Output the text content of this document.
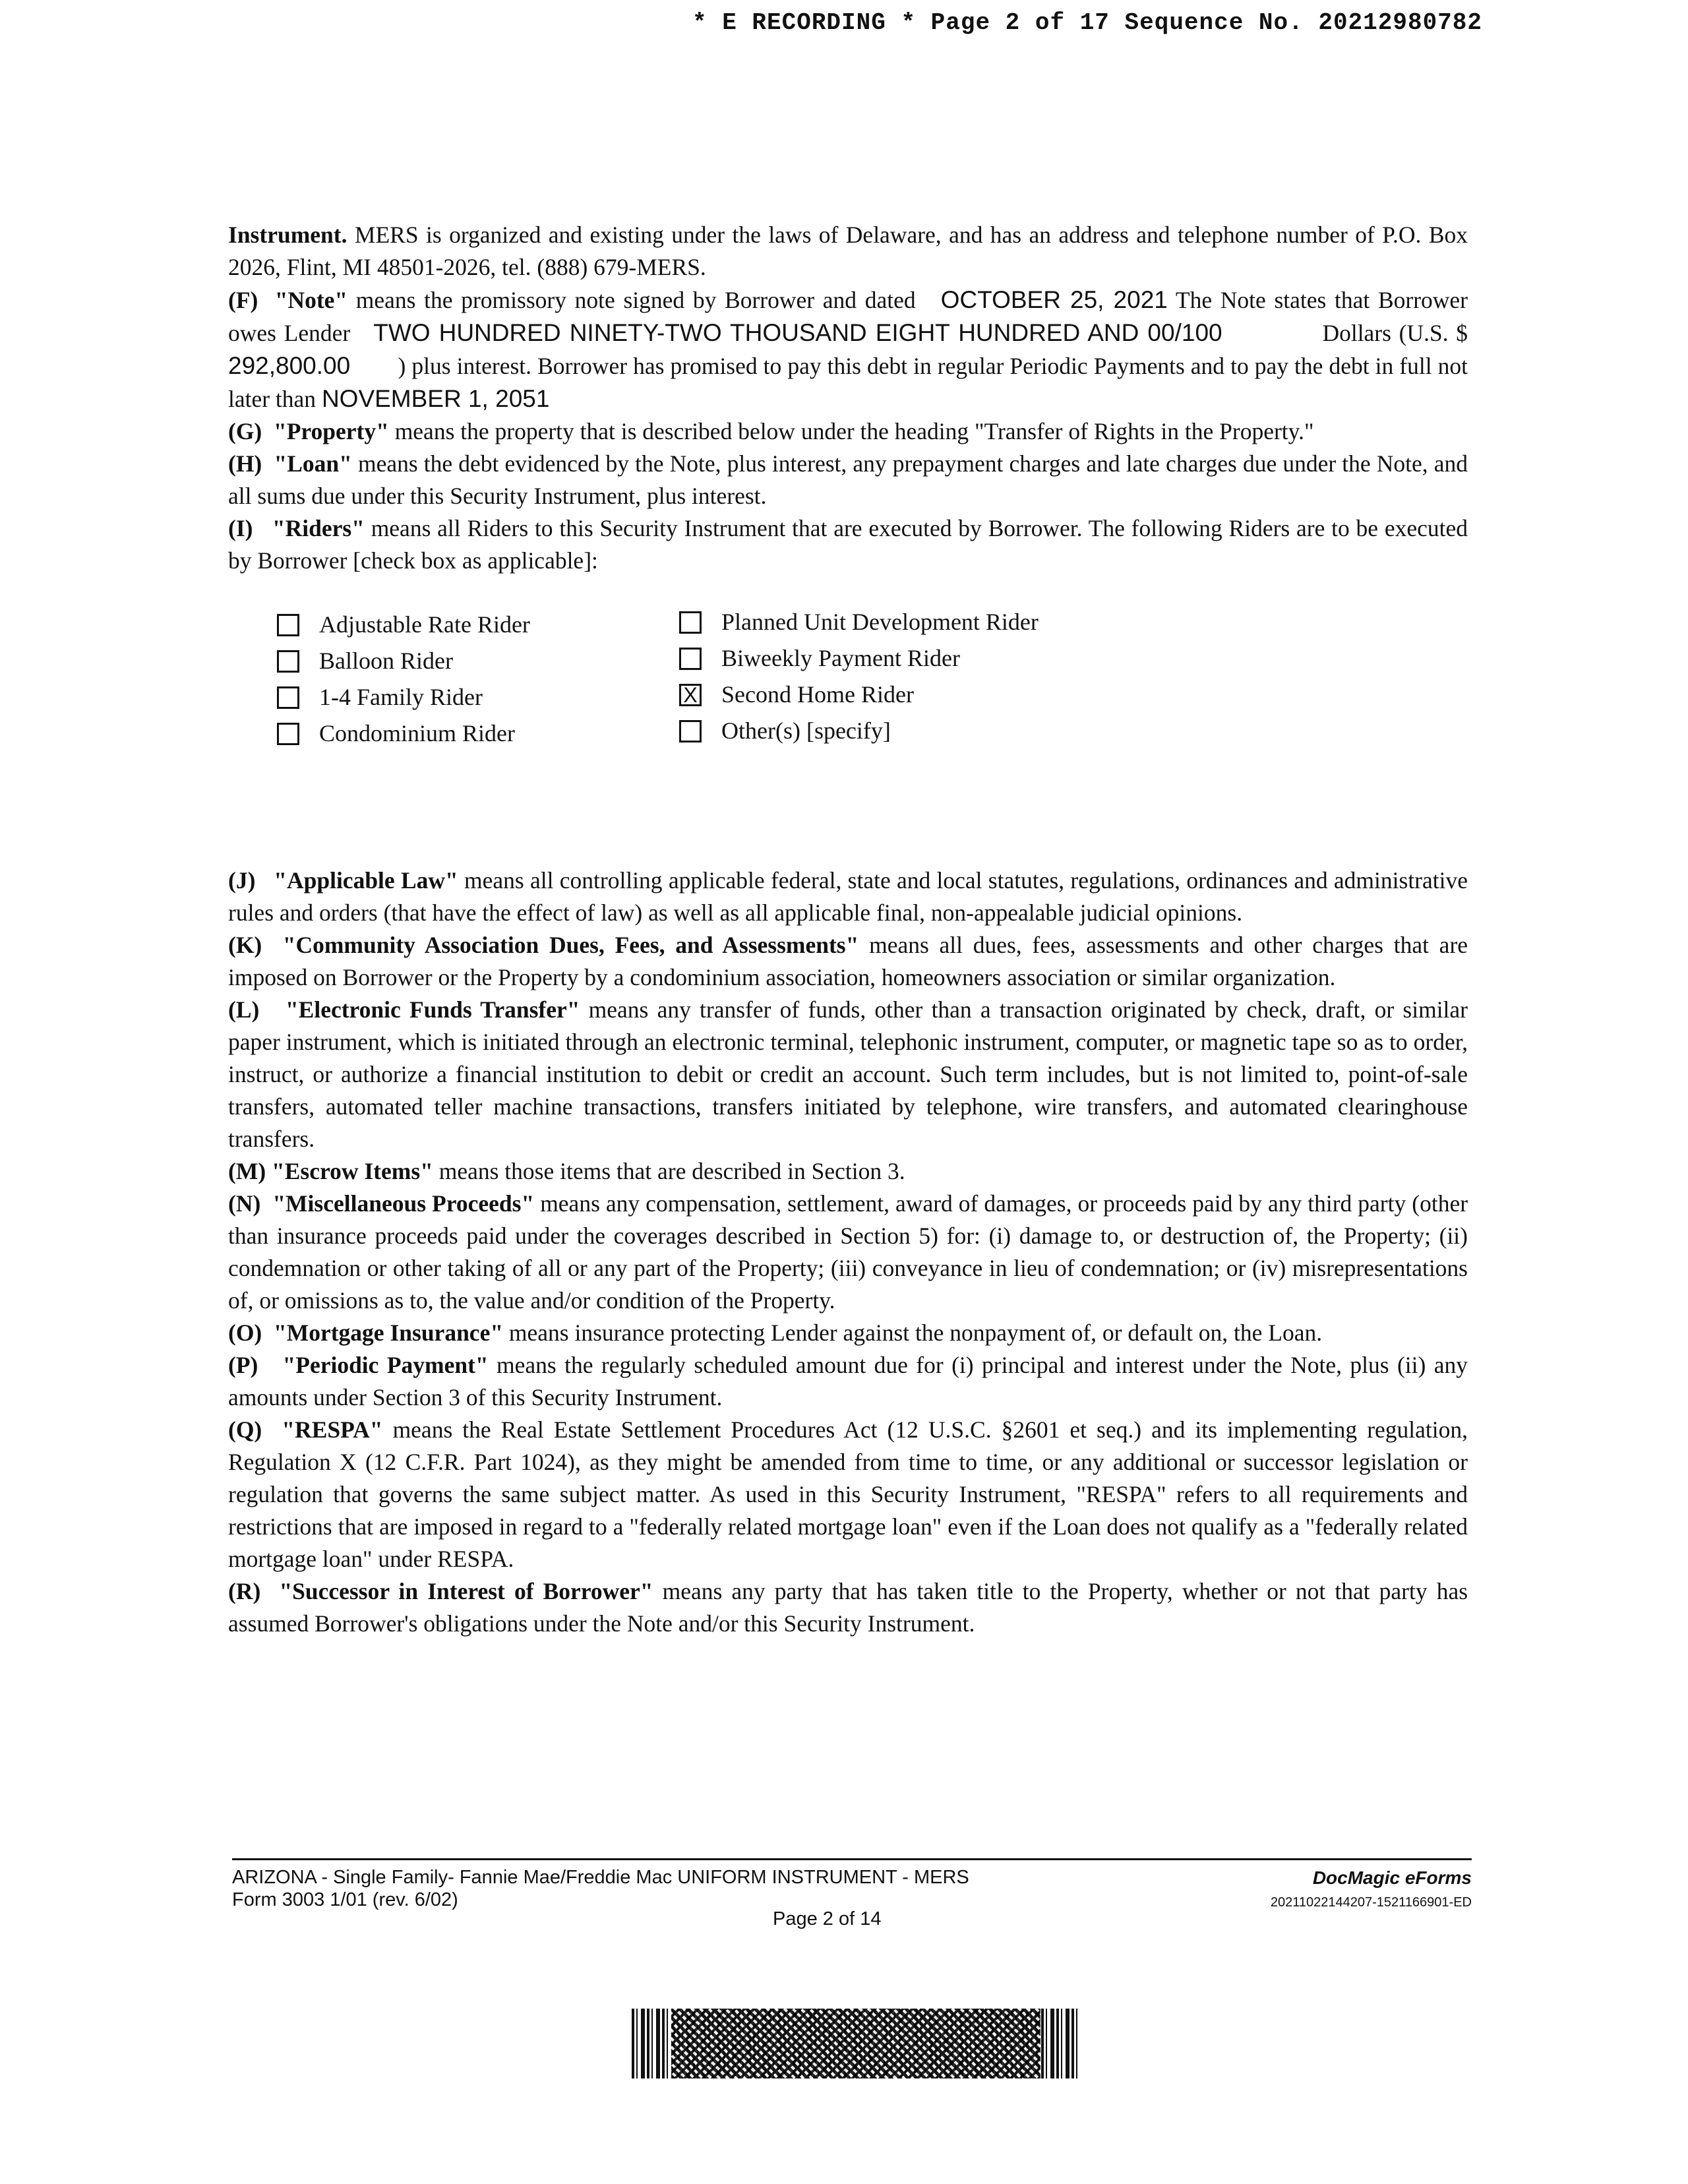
* E RECORDING * Page 2 of 17 Sequence No. 20212980782

Instrument. MERS is organized and existing under the laws of Delaware, and has an address and telephone number of P.O. Box 2026, Flint, MI 48501-2026, tel. (888) 679-MERS.

(F) "Note" means the promissory note signed by Borrower and dated OCTOBER 25, 2021 The Note states that Borrower owes Lender TWO HUNDRED NINETY-TWO THOUSAND EIGHT HUNDRED AND 00/100	Dollars (U.S. $ 292,800.00 ) plus interest. Borrower has promised to pay this debt in regular Periodic Payments and to pay the debt in full not later than NOVEMBER 1, 2051

(G) "Property" means the property that is described below under the heading "Transfer of Rights in the Property."

(H) "Loan" means the debt evidenced by the Note, plus interest, any prepayment charges and late charges due under the Note, and all sums due under this Security Instrument, plus interest.

(I) "Riders" means all Riders to this Security Instrument that are executed by Borrower. The following Riders are to be executed by Borrower [check box as applicable]:

Adjustable Rate Rider
Balloon Rider
1-4 Family Rider
Condominium Rider
Planned Unit Development Rider
Biweekly Payment Rider
X Second Home Rider
Other(s) [specify]

(J) "Applicable Law" means all controlling applicable federal, state and local statutes, regulations, ordinances and administrative rules and orders (that have the effect of law) as well as all applicable final, non-appealable judicial opinions.

(K) "Community Association Dues, Fees, and Assessments" means all dues, fees, assessments and other charges that are imposed on Borrower or the Property by a condominium association, homeowners association or similar organization.

(L) "Electronic Funds Transfer" means any transfer of funds, other than a transaction originated by check, draft, or similar paper instrument, which is initiated through an electronic terminal, telephonic instrument, computer, or magnetic tape so as to order, instruct, or authorize a financial institution to debit or credit an account. Such term includes, but is not limited to, point-of-sale transfers, automated teller machine transactions, transfers initiated by telephone, wire transfers, and automated clearinghouse transfers.

(M) "Escrow Items" means those items that are described in Section 3.

(N) "Miscellaneous Proceeds" means any compensation, settlement, award of damages, or proceeds paid by any third party (other than insurance proceeds paid under the coverages described in Section 5) for: (i) damage to, or destruction of, the Property; (ii) condemnation or other taking of all or any part of the Property; (iii) conveyance in lieu of condemnation; or (iv) misrepresentations of, or omissions as to, the value and/or condition of the Property.

(O) "Mortgage Insurance" means insurance protecting Lender against the nonpayment of, or default on, the Loan.

(P) "Periodic Payment" means the regularly scheduled amount due for (i) principal and interest under the Note, plus (ii) any amounts under Section 3 of this Security Instrument.

(Q) "RESPA" means the Real Estate Settlement Procedures Act (12 U.S.C. §2601 et seq.) and its implementing regulation, Regulation X (12 C.F.R. Part 1024), as they might be amended from time to time, or any additional or successor legislation or regulation that governs the same subject matter. As used in this Security Instrument, "RESPA" refers to all requirements and restrictions that are imposed in regard to a "federally related mortgage loan" even if the Loan does not qualify as a "federally related mortgage loan" under RESPA.

(R) "Successor in Interest of Borrower" means any party that has taken title to the Property, whether or not that party has assumed Borrower's obligations under the Note and/or this Security Instrument.

ARIZONA - Single Family- Fannie Mae/Freddie Mac UNIFORM INSTRUMENT - MERS
Form 3003 1/01 (rev. 6/02)
Page 2 of 14
DocMagic eForms
20211022144207-1521166901-ED
